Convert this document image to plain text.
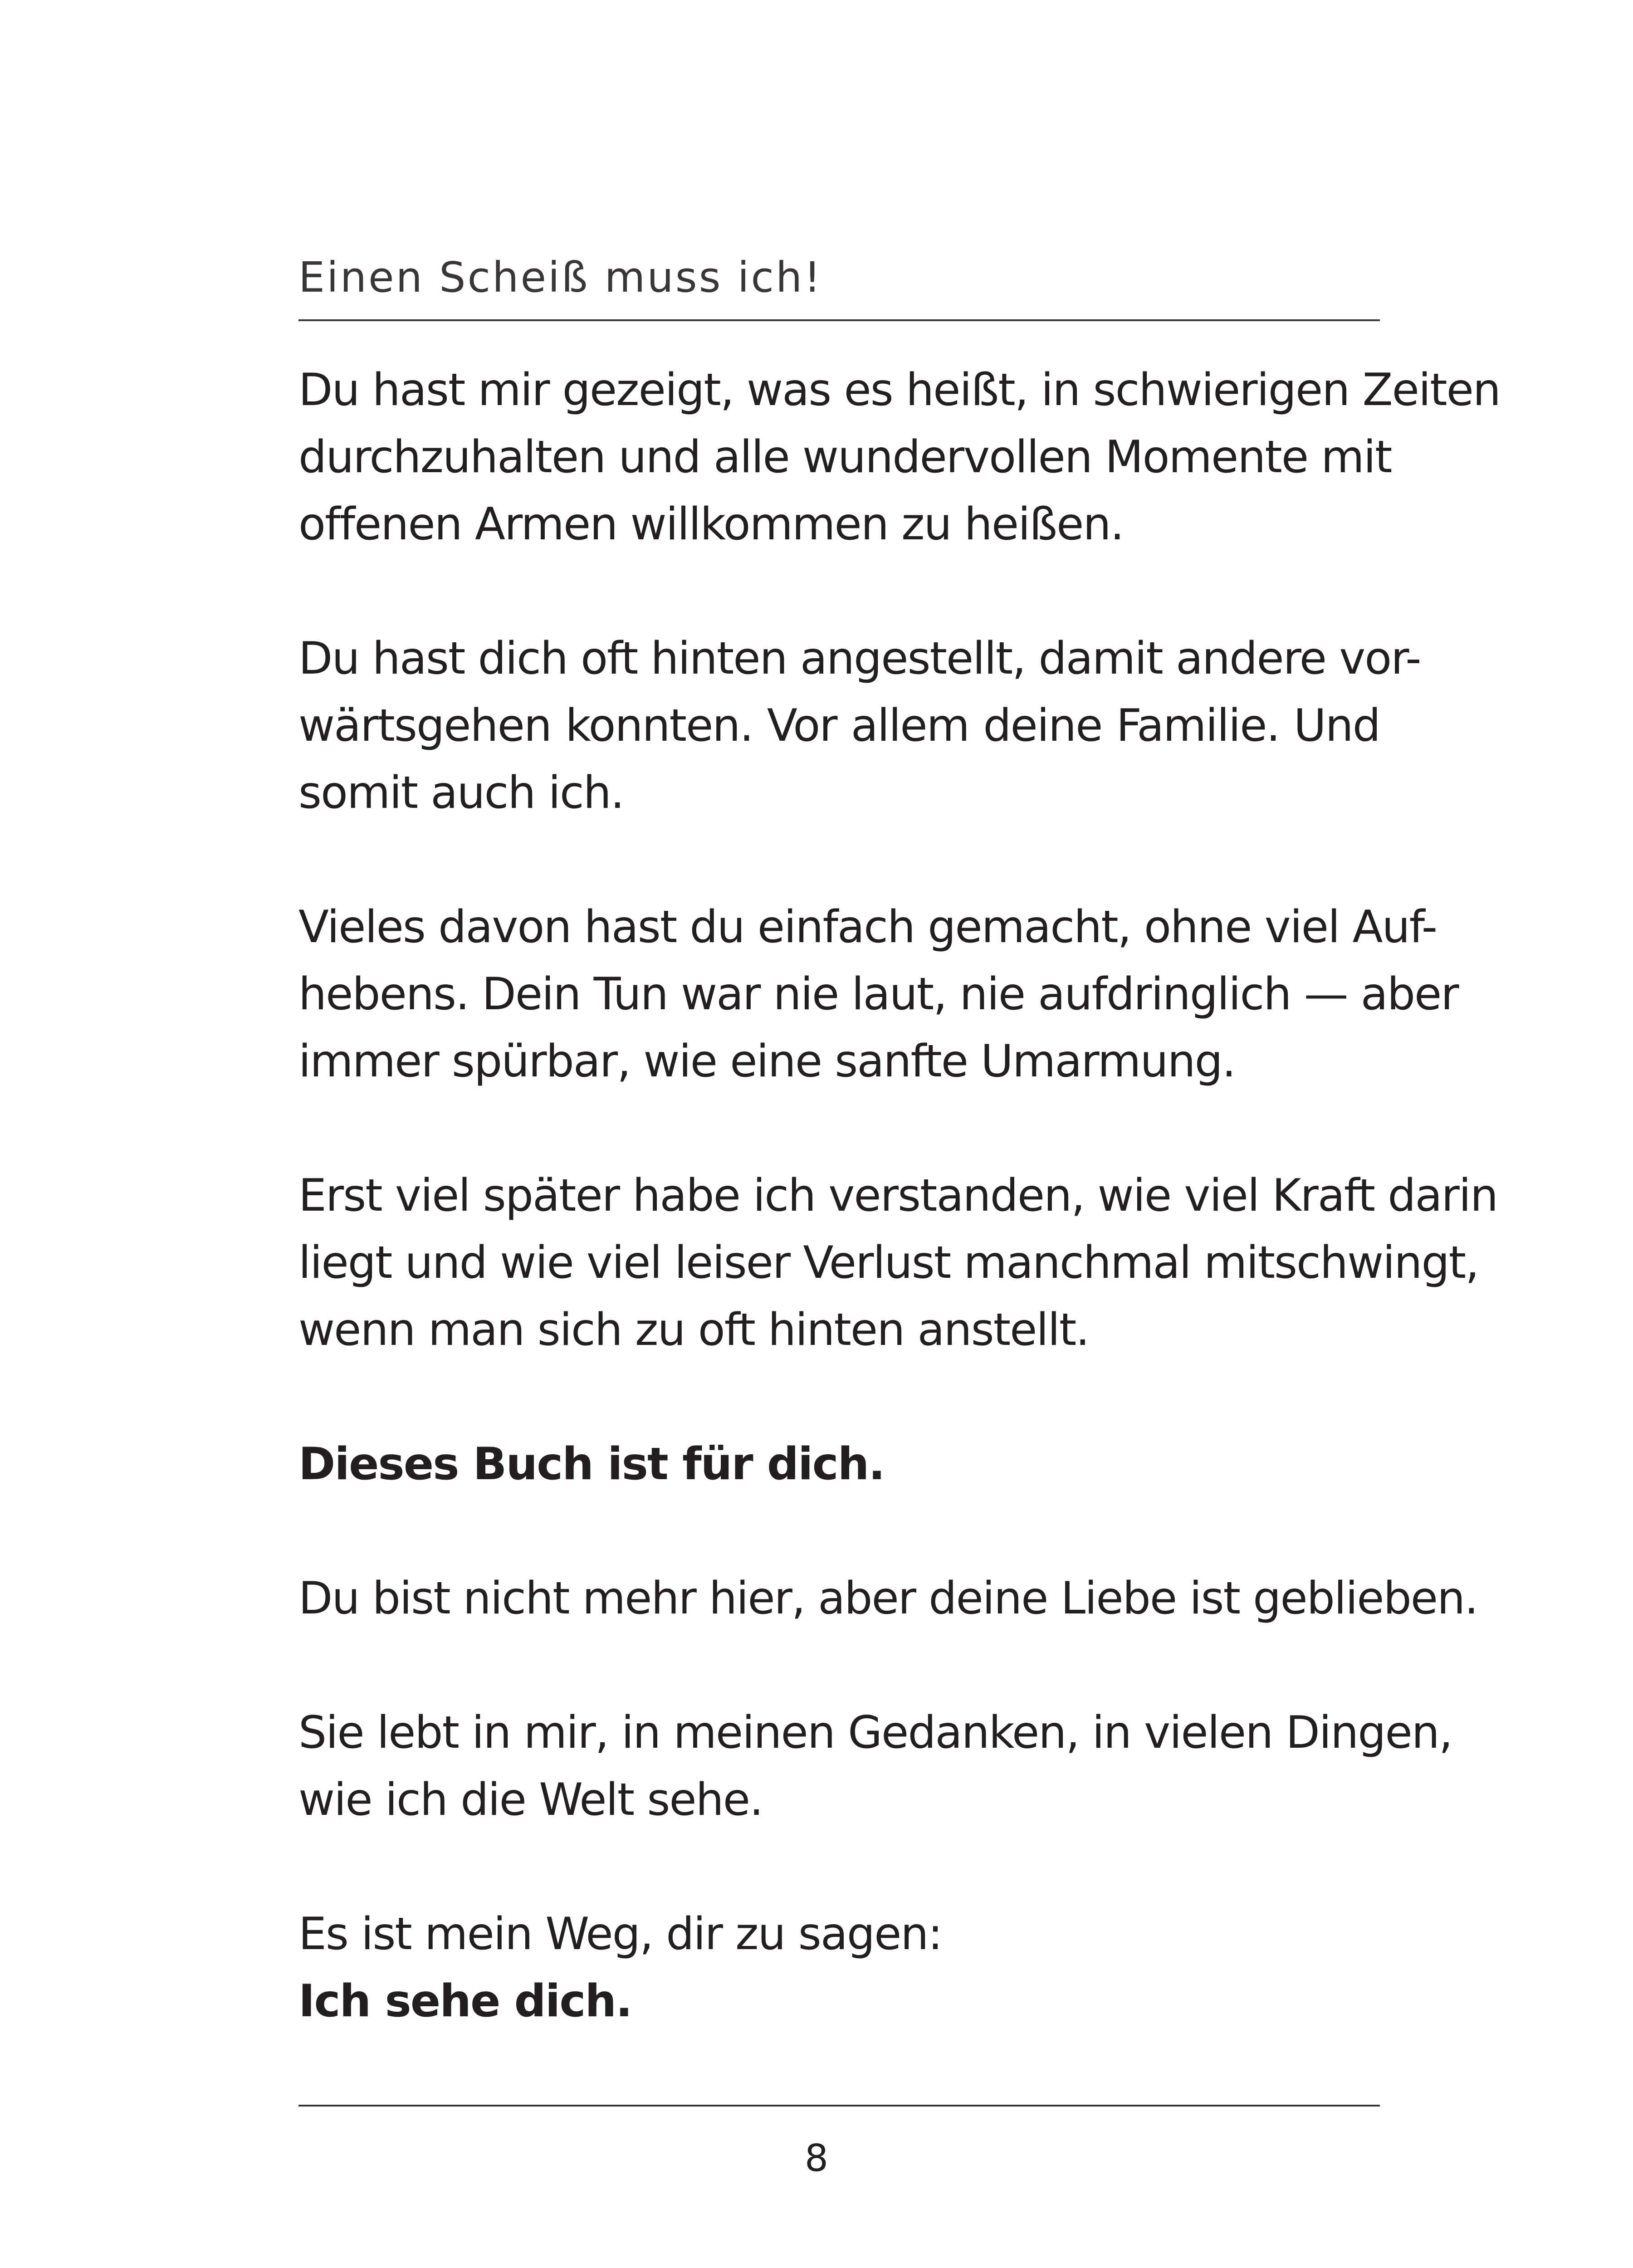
Einen Scheiß muss ich!

Du hast mir gezeigt, was es heißt, in schwierigen Zeiten
durchzuhalten und alle wundervollen Momente mit
offenen Armen willkommen zu heißen.

Du hast dich oft hinten angestellt, damit andere vor-
wärtsgehen konnten. Vor allem deine Familie. Und
somit auch ich.

Vieles davon hast du einfach gemacht, ohne viel Auf-
hebens. Dein Tun war nie laut, nie aufdringlich — aber
immer spürbar, wie eine sanfte Umarmung.

Erst viel später habe ich verstanden, wie viel Kraft darin
liegt und wie viel leiser Verlust manchmal mitschwingt,
wenn man sich zu oft hinten anstellt.

Dieses Buch ist für dich.

Du bist nicht mehr hier, aber deine Liebe ist geblieben.

Sie lebt in mir, in meinen Gedanken, in vielen Dingen,
wie ich die Welt sehe.

Es ist mein Weg, dir zu sagen:
Ich sehe dich.

8
